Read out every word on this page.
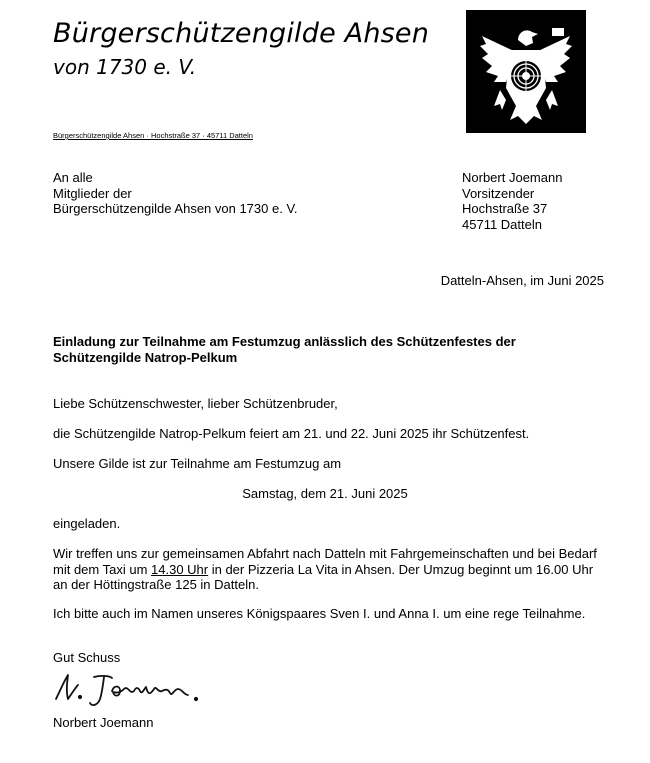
Bürgerschützengilde Ahsen
von 1730 e. V.
Bürgerschützengilde Ahsen · Hochstraße 37 · 45711 Datteln
An alle
Mitglieder der
Bürgerschützengilde Ahsen von 1730 e. V.
Norbert Joemann
Vorsitzender
Hochstraße 37
45711 Datteln
Datteln-Ahsen, im Juni 2025
Einladung zur Teilnahme am Festumzug anlässlich des Schützenfestes der Schützengilde Natrop-Pelkum
Liebe Schützenschwester, lieber Schützenbruder,
die Schützengilde Natrop-Pelkum feiert am 21. und 22. Juni 2025 ihr Schützenfest.
Unsere Gilde ist zur Teilnahme am Festumzug am
Samstag, dem 21. Juni 2025
eingeladen.
Wir treffen uns zur gemeinsamen Abfahrt nach Datteln mit Fahrgemeinschaften und bei Bedarf mit dem Taxi um 14.30 Uhr in der Pizzeria La Vita in Ahsen. Der Umzug beginnt um 16.00 Uhr an der Höttingstraße 125 in Datteln.
Ich bitte auch im Namen unseres Königspaares Sven I. und Anna I. um eine rege Teilnahme.
Gut Schuss
Norbert Joemann
